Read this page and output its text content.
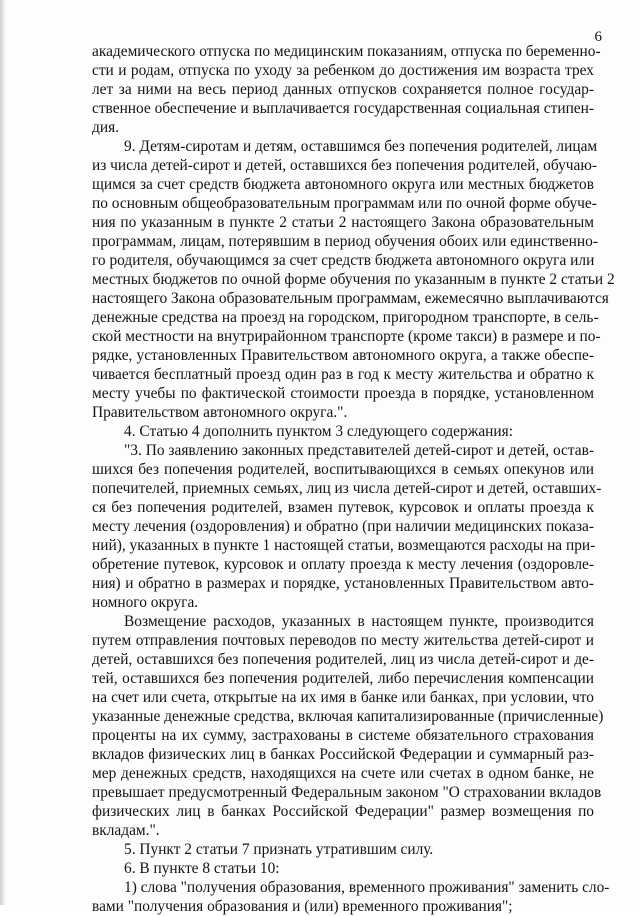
6
академического отпуска по медицинским показаниям, отпуска по беременно-
сти и родам, отпуска по уходу за ребенком до достижения им возраста трех
лет за ними на весь период данных отпусков сохраняется полное государ-
ственное обеспечение и выплачивается государственная социальная стипен-
дия.
9. Детям-сиротам и детям, оставшимся без попечения родителей, лицам
из числа детей-сирот и детей, оставшихся без попечения родителей, обучаю-
щимся за счет средств бюджета автономного округа или местных бюджетов
по основным общеобразовательным программам или по очной форме обуче-
ния по указанным в пункте 2 статьи 2 настоящего Закона образовательным
программам, лицам, потерявшим в период обучения обоих или единственно-
го родителя, обучающимся за счет средств бюджета автономного округа или
местных бюджетов по очной форме обучения по указанным в пункте 2 статьи 2
настоящего Закона образовательным программам, ежемесячно выплачиваются
денежные средства на проезд на городском, пригородном транспорте, в сель-
ской местности на внутрирайонном транспорте (кроме такси) в размере и по-
рядке, установленных Правительством автономного округа, а также обеспе-
чивается бесплатный проезд один раз в год к месту жительства и обратно к
месту учебы по фактической стоимости проезда в порядке, установленном
Правительством автономного округа.".
4. Статью 4 дополнить пунктом 3 следующего содержания:
"3. По заявлению законных представителей детей-сирот и детей, остав-
шихся без попечения родителей, воспитывающихся в семьях опекунов или
попечителей, приемных семьях, лиц из числа детей-сирот и детей, оставших-
ся без попечения родителей, взамен путевок, курсовок и оплаты проезда к
месту лечения (оздоровления) и обратно (при наличии медицинских показа-
ний), указанных в пункте 1 настоящей статьи, возмещаются расходы на при-
обретение путевок, курсовок и оплату проезда к месту лечения (оздоровле-
ния) и обратно в размерах и порядке, установленных Правительством авто-
номного округа.
Возмещение расходов, указанных в настоящем пункте, производится
путем отправления почтовых переводов по месту жительства детей-сирот и
детей, оставшихся без попечения родителей, лиц из числа детей-сирот и де-
тей, оставшихся без попечения родителей, либо перечисления компенсации
на счет или счета, открытые на их имя в банке или банках, при условии, что
указанные денежные средства, включая капитализированные (причисленные)
проценты на их сумму, застрахованы в системе обязательного страхования
вкладов физических лиц в банках Российской Федерации и суммарный раз-
мер денежных средств, находящихся на счете или счетах в одном банке, не
превышает предусмотренный Федеральным законом "О страховании вкладов
физических лиц в банках Российской Федерации" размер возмещения по
вкладам.".
5. Пункт 2 статьи 7 признать утратившим силу.
6. В пункте 8 статьи 10:
1) слова "получения образования, временного проживания" заменить сло-
вами "получения образования и (или) временного проживания";
